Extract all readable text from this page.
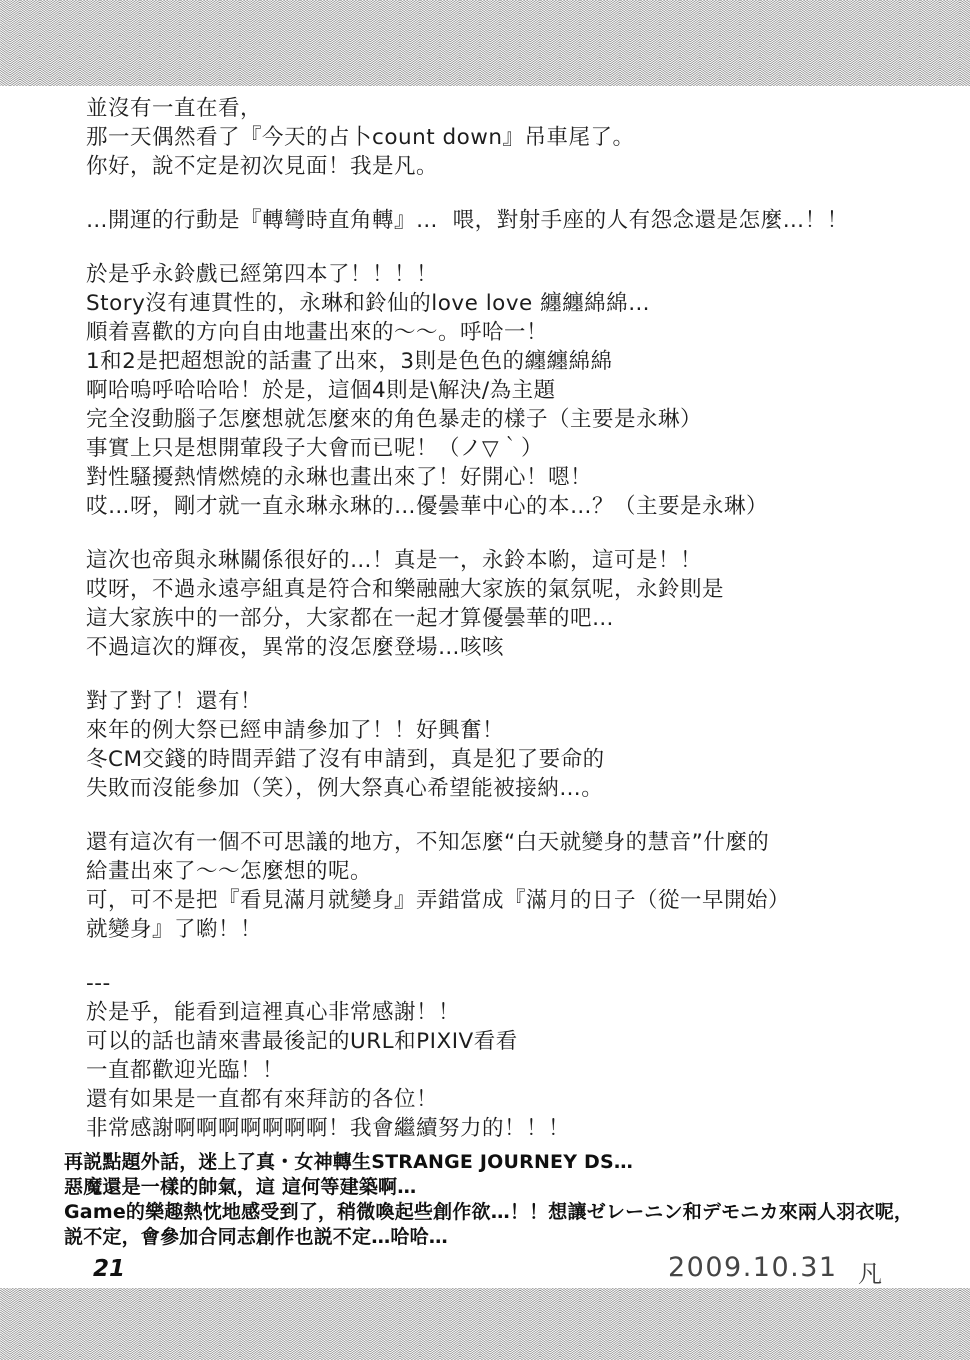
並沒有一直在看，
那一天偶然看了『今天的占卜count down』吊車尾了。
你好，說不定是初次見面！我是凡。
…開運的行動是『轉彎時直角轉』…  喂，對射手座的人有怨念還是怎麼…！！
於是乎永鈴戲已經第四本了！！！！
Story沒有連貫性的，永琳和鈴仙的love love 纏纏綿綿…
順着喜歡的方向自由地畫出來的～～。呼哈一！
1和2是把超想說的話畫了出來，3則是色色的纏纏綿綿
啊哈嗚呼哈哈哈！於是，這個4則是\解決/為主題
完全沒動腦子怎麼想就怎麼來的角色暴走的樣子（主要是永琳）
事實上只是想開葷段子大會而已呢！（ノ▽｀）
對性騷擾熱情燃燒的永琳也畫出來了！好開心！嗯！
哎…呀，剛才就一直永琳永琳的…優曇華中心的本…？（主要是永琳）
這次也帝與永琳關係很好的…！真是一，永鈴本喲，這可是！！
哎呀，不過永遠亭組真是符合和樂融融大家族的氣氛呢，永鈴則是
這大家族中的一部分，大家都在一起才算優曇華的吧…
不過這次的輝夜，異常的沒怎麼登場…咳咳
對了對了！還有！
來年的例大祭已經申請參加了！！好興奮！
冬CM交錢的時間弄錯了沒有申請到，真是犯了要命的
失敗而沒能參加（笑），例大祭真心希望能被接納…。
還有這次有一個不可思議的地方，不知怎麼“白天就變身的慧音”什麼的
給畫出來了～～怎麼想的呢。
可，可不是把『看見滿月就變身』弄錯當成『滿月的日子（從一早開始）
就變身』了喲！！
---
於是乎，能看到這裡真心非常感謝！！
可以的話也請來書最後記的URL和PIXIV看看
一直都歡迎光臨！！
還有如果是一直都有來拜訪的各位！
非常感謝啊啊啊啊啊啊啊！我會繼續努力的！！！
再説點題外話，迷上了真・女神轉生STRANGE JOURNEY DS…
惡魔還是一樣的帥氣，這 這何等建築啊…
Game的樂趣熱忱地感受到了，稍微喚起些創作欲…！！想讓ゼレーニン和デモニカ來兩人羽衣呢，
説不定，會參加合同志創作也説不定…哈哈…
21	2009.10.31 凡
